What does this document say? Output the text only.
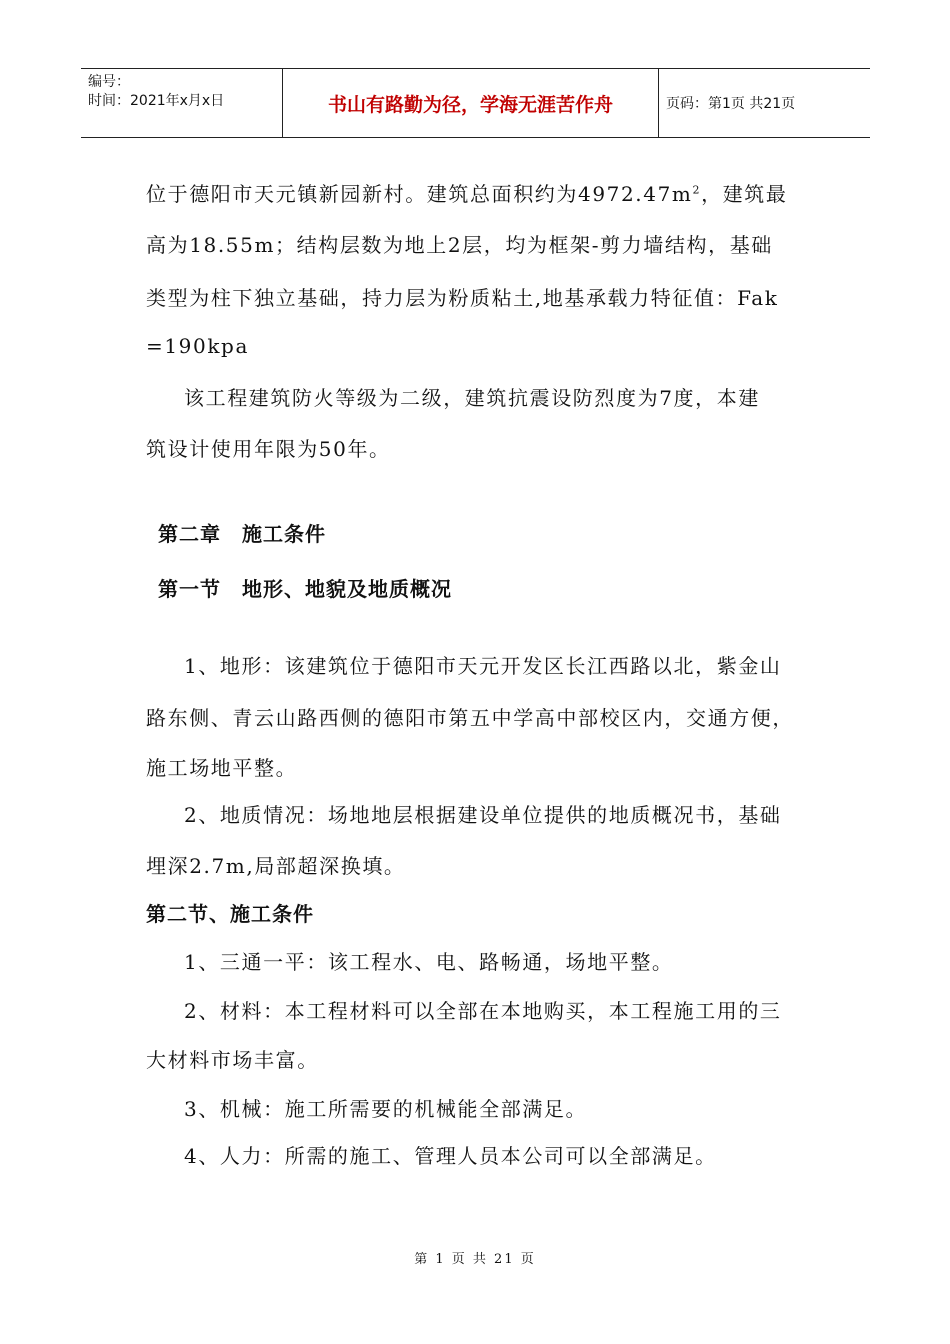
编号：
时间：2021年x月x日	书山有路勤为径，学海无涯苦作舟	页码：第1页 共21页
位于德阳市天元镇新园新村。建筑总面积约为$4972.47m^2$，建筑最
高为18.55m；结构层数为地上2层，均为框架-剪力墙结构，基础
类型为柱下独立基础，持力层为粉质粘土,地基承载力特征值：Fak
=190kpa
该工程建筑防火等级为二级，建筑抗震设防烈度为7度，本建
筑设计使用年限为50年。
第二章　施工条件
第一节　地形、地貌及地质概况
1、地形：该建筑位于德阳市天元开发区长江西路以北，紫金山
路东侧、青云山路西侧的德阳市第五中学高中部校区内，交通方便，
施工场地平整。
2、地质情况：场地地层根据建设单位提供的地质概况书，基础
埋深2.7m,局部超深换填。
第二节、施工条件
1、三通一平：该工程水、电、路畅通，场地平整。
2、材料：本工程材料可以全部在本地购买，本工程施工用的三
大材料市场丰富。
3、机械：施工所需要的机械能全部满足。
4、人力：所需的施工、管理人员本公司可以全部满足。
第 1 页 共 21 页
